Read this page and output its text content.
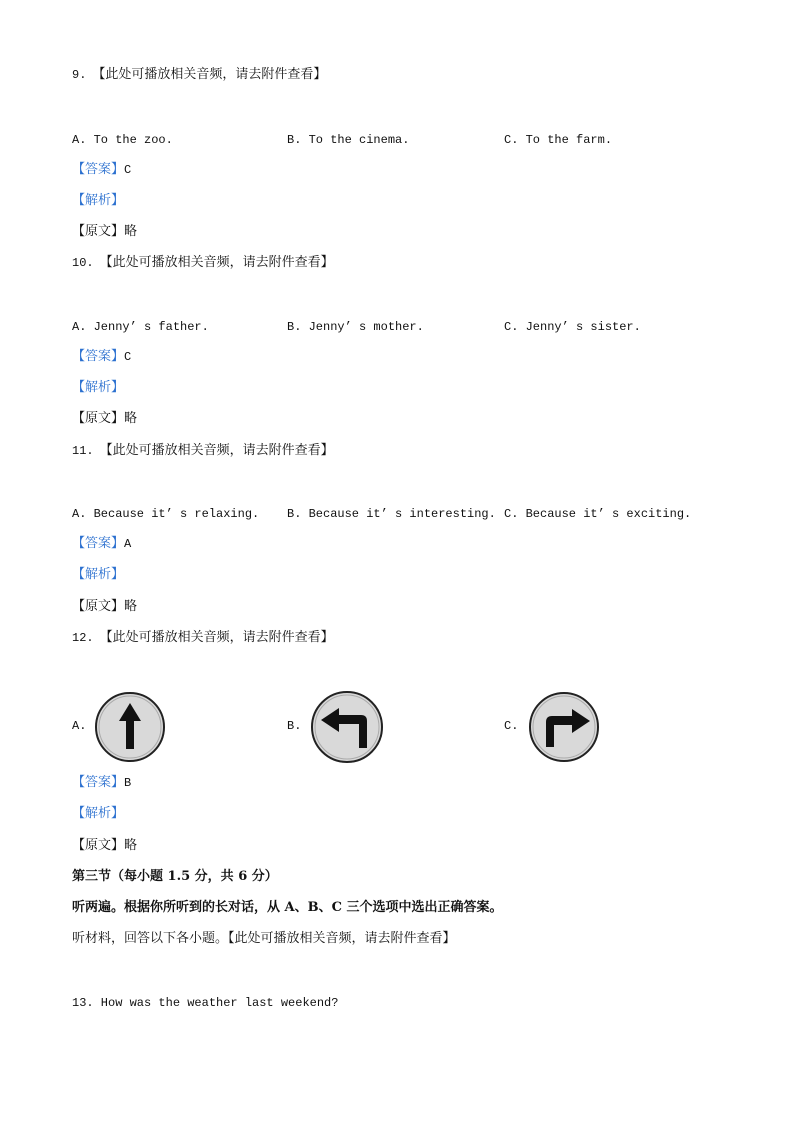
9. 【此处可播放相关音频，请去附件查看】
A. To the zoo.	B. To the cinema.	C. To the farm.
【答案】C
【解析】
【原文】略
10. 【此处可播放相关音频，请去附件查看】
A. Jenny’ s father.	B. Jenny’ s mother.	C. Jenny’ s sister.
【答案】C
【解析】
【原文】略
11. 【此处可播放相关音频，请去附件查看】
A. Because it’ s relaxing. B. Because it’ s interesting. C. Because it’ s exciting.
【答案】A
【解析】
【原文】略
12. 【此处可播放相关音频，请去附件查看】
A.	B.	C.
【答案】B
【解析】
【原文】略
第三节（每小题 1.5 分，共 6 分）
听两遍。根据你所听到的长对话，从 A、B、C 三个选项中选出正确答案。
听材料，回答以下各小题。【此处可播放相关音频，请去附件查看】
13. How was the weather last weekend?
